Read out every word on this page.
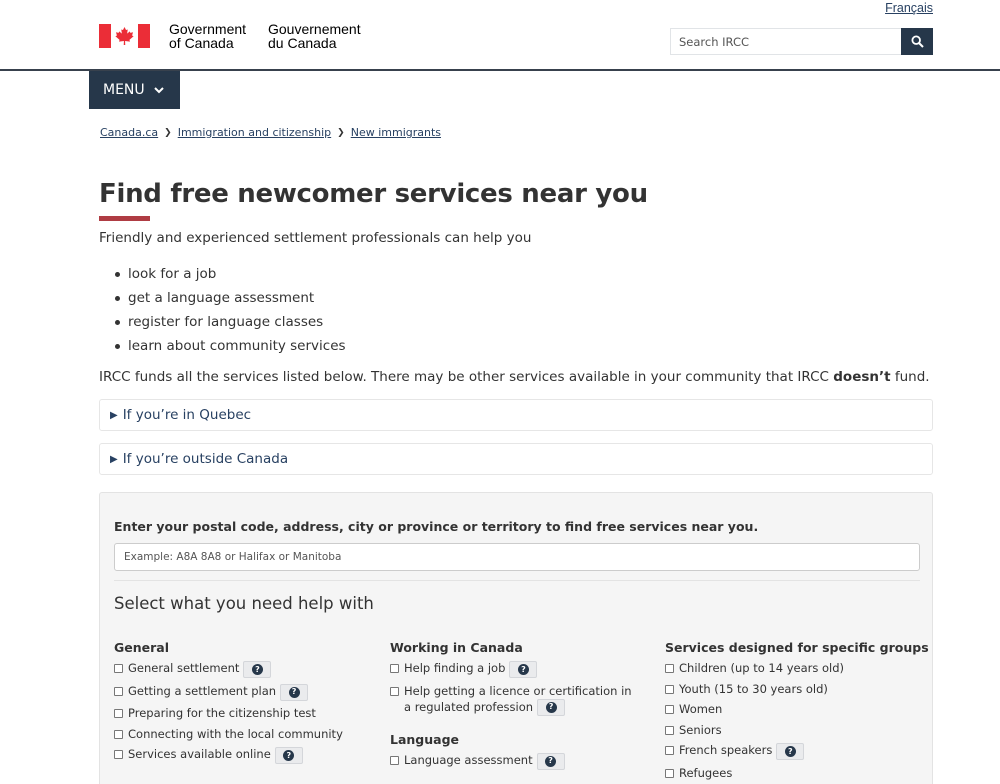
Français
Government
of Canada
Gouvernement
du Canada
Search IRCC
MENU
Canada.ca ❯ Immigration and citizenship ❯ New immigrants
Find free newcomer services near you

Friendly and experienced settlement professionals can help you

look for a job
get a language assessment
register for language classes
learn about community services

IRCC funds all the services listed below. There may be other services available in your community that IRCC doesn’t fund.

▶ If you’re in Quebec
▶ If you’re outside Canada
Enter your postal code, address, city or province or territory to find free services near you.
Example: A8A 8A8 or Halifax or Manitoba
Select what you need help with
General
General settlement	?
Getting a settlement plan	?
Preparing for the citizenship test
Connecting with the local community
Services available online	?
Working in Canada
Help finding a job	?
Help getting a licence or certification in a regulated profession	?
Language
Language assessment	?
Services designed for specific groups
Children (up to 14 years old)
Youth (15 to 30 years old)
Women
Seniors
French speakers	?
Refugees
